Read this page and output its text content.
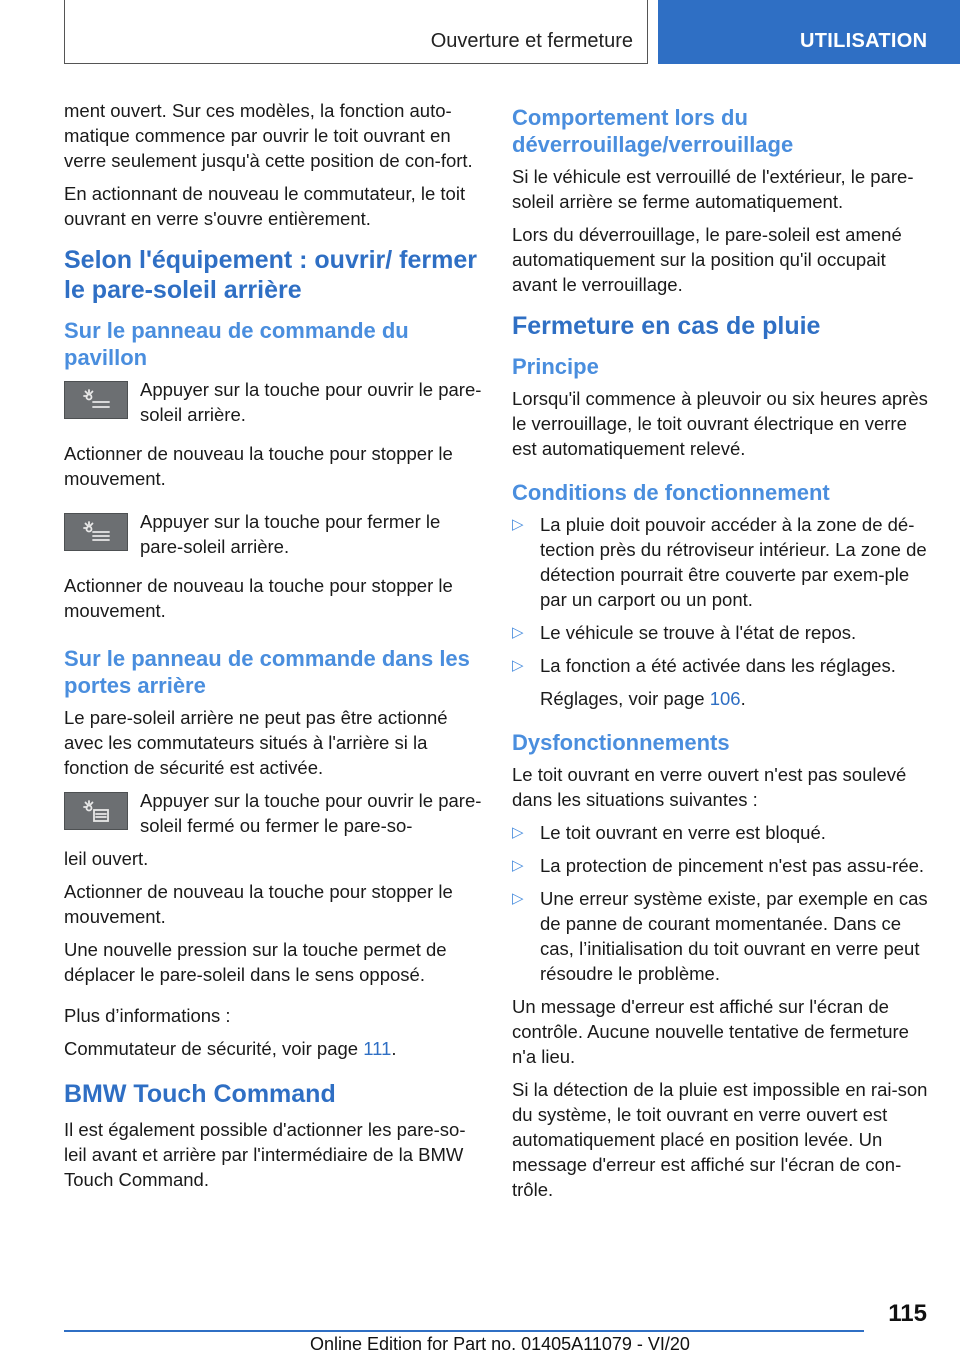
Ouverture et fermeture	UTILISATION

ment ouvert. Sur ces modèles, la fonction auto-matique commence par ouvrir le toit ouvrant en verre seulement jusqu'à cette position de con-fort.

En actionnant de nouveau le commutateur, le toit ouvrant en verre s'ouvre entièrement.

Selon l'équipement : ouvrir/ fermer le pare-soleil arrière
Sur le panneau de commande du pavillon

Appuyer sur la touche pour ouvrir le pare-soleil arrière.

Actionner de nouveau la touche pour stopper le mouvement.

Appuyer sur la touche pour fermer le pare-soleil arrière.

Actionner de nouveau la touche pour stopper le mouvement.

Sur le panneau de commande dans les portes arrière

Le pare-soleil arrière ne peut pas être actionné avec les commutateurs situés à l'arrière si la fonction de sécurité est activée.

Appuyer sur la touche pour ouvrir le pare-soleil fermé ou fermer le pare-so-

leil ouvert.

Actionner de nouveau la touche pour stopper le mouvement.

Une nouvelle pression sur la touche permet de déplacer le pare-soleil dans le sens opposé.

Plus d’informations :

Commutateur de sécurité, voir page 111.

BMW Touch Command

Il est également possible d'actionner les pare-so-leil avant et arrière par l'intermédiaire de la BMW Touch Command.

Comportement lors du déverrouillage/verrouillage

Si le véhicule est verrouillé de l'extérieur, le pare-soleil arrière se ferme automatiquement.

Lors du déverrouillage, le pare-soleil est amené automatiquement sur la position qu'il occupait avant le verrouillage.

Fermeture en cas de pluie
Principe

Lorsqu'il commence à pleuvoir ou six heures après le verrouillage, le toit ouvrant électrique en verre est automatiquement relevé.

Conditions de fonctionnement
▷ La pluie doit pouvoir accéder à la zone de dé-tection près du rétroviseur intérieur. La zone de détection pourrait être couverte par exem-ple par un carport ou un pont.
▷ Le véhicule se trouve à l'état de repos.
▷ La fonction a été activée dans les réglages.

Réglages, voir page 106.

Dysfonctionnements

Le toit ouvrant en verre ouvert n'est pas soulevé dans les situations suivantes :

▷ Le toit ouvrant en verre est bloqué.
▷ La protection de pincement n'est pas assu-rée.
▷ Une erreur système existe, par exemple en cas de panne de courant momentanée. Dans ce cas, l’initialisation du toit ouvrant en verre peut résoudre le problème.

Un message d'erreur est affiché sur l'écran de contrôle. Aucune nouvelle tentative de fermeture n'a lieu.

Si la détection de la pluie est impossible en rai-son du système, le toit ouvrant en verre ouvert est automatiquement placé en position levée. Un message d'erreur est affiché sur l'écran de con-trôle.

115
Online Edition for Part no. 01405A11079 - VI/20
